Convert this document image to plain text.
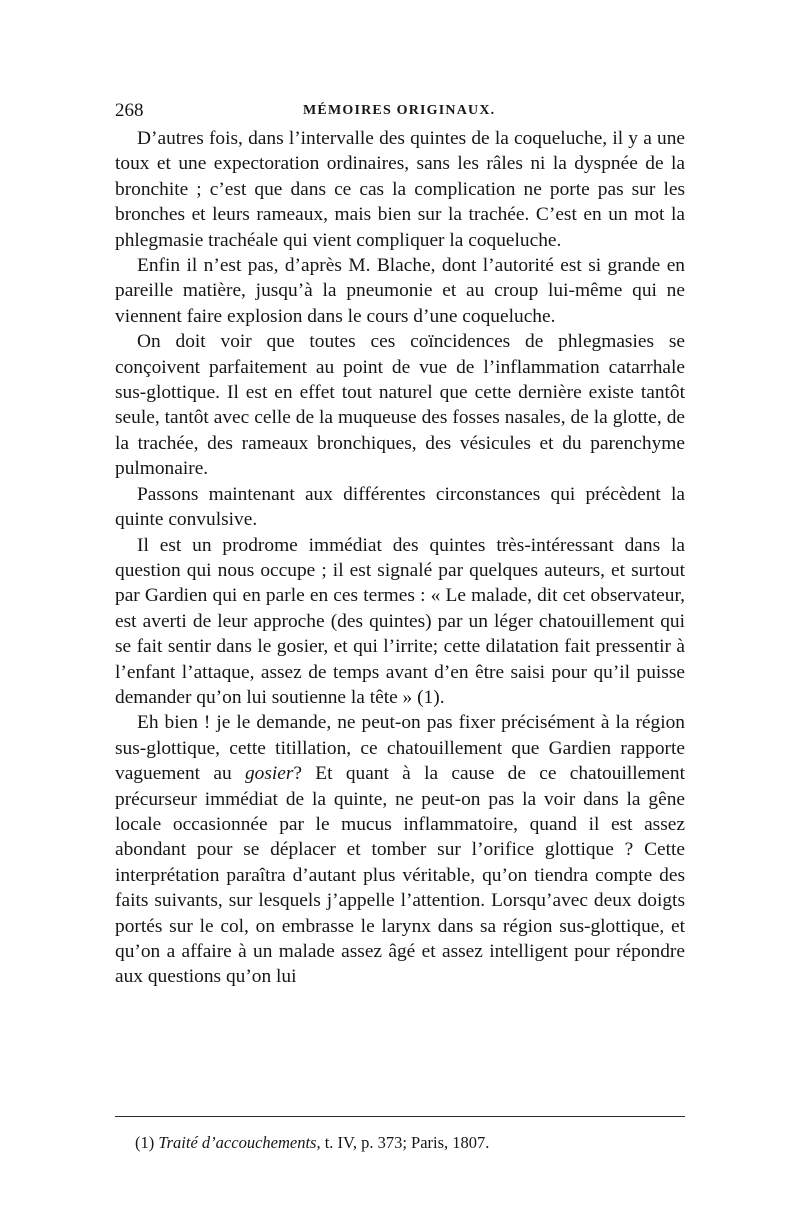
268	MÉMOIRES ORIGINAUX.

D’autres fois, dans l’intervalle des quintes de la coqueluche, il y a une toux et une expectoration ordinaires, sans les râles ni la dyspnée de la bronchite ; c’est que dans ce cas la complication ne porte pas sur les bronches et leurs rameaux, mais bien sur la trachée. C’est en un mot la phlegmasie trachéale qui vient compliquer la coqueluche.

Enfin il n’est pas, d’après M. Blache, dont l’autorité est si grande en pareille matière, jusqu’à la pneumonie et au croup lui-même qui ne viennent faire explosion dans le cours d’une coqueluche.

On doit voir que toutes ces coïncidences de phlegmasies se conçoivent parfaitement au point de vue de l’inflammation catarrhale sus-glottique. Il est en effet tout naturel que cette dernière existe tantôt seule, tantôt avec celle de la muqueuse des fosses nasales, de la glotte, de la trachée, des rameaux bronchiques, des vésicules et du parenchyme pulmonaire.

Passons maintenant aux différentes circonstances qui précèdent la quinte convulsive.

Il est un prodrome immédiat des quintes très-intéressant dans la question qui nous occupe ; il est signalé par quelques auteurs, et surtout par Gardien qui en parle en ces termes : « Le malade, dit cet observateur, est averti de leur approche (des quintes) par un léger chatouillement qui se fait sentir dans le gosier, et qui l’irrite; cette dilatation fait pressentir à l’enfant l’attaque, assez de temps avant d’en être saisi pour qu’il puisse demander qu’on lui soutienne la tête » (1).

Eh bien ! je le demande, ne peut-on pas fixer précisément à la région sus-glottique, cette titillation, ce chatouillement que Gardien rapporte vaguement au gosier? Et quant à la cause de ce chatouillement précurseur immédiat de la quinte, ne peut-on pas la voir dans la gêne locale occasionnée par le mucus inflammatoire, quand il est assez abondant pour se déplacer et tomber sur l’orifice glottique ? Cette interprétation paraîtra d’autant plus véritable, qu’on tiendra compte des faits suivants, sur lesquels j’appelle l’attention. Lorsqu’avec deux doigts portés sur le col, on embrasse le larynx dans sa région sus-glottique, et qu’on a affaire à un malade assez âgé et assez intelligent pour répondre aux questions qu’on lui

(1) Traité d’accouchements, t. IV, p. 373; Paris, 1807.
